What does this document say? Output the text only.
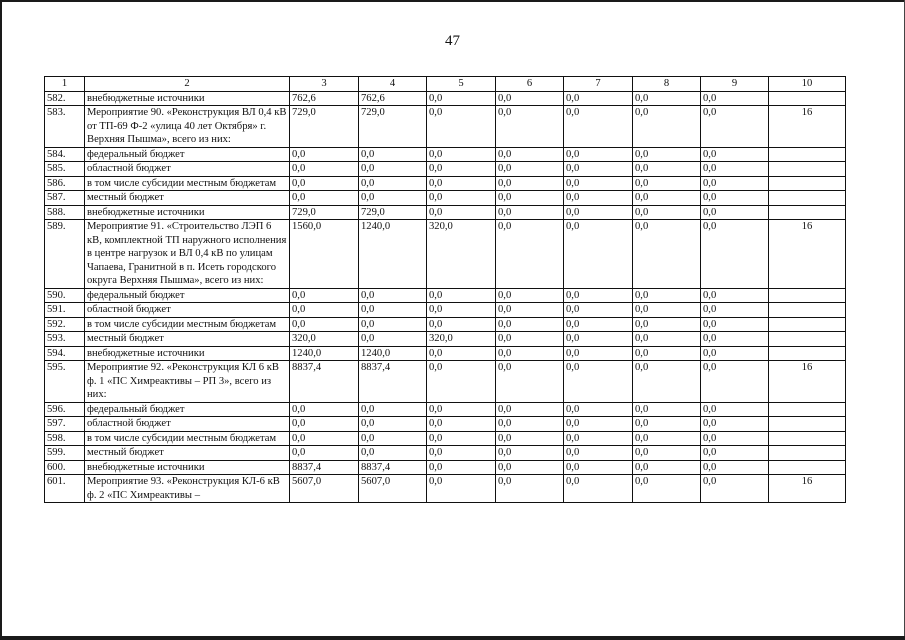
47
1	2	3	4	5	6	7	8	9	10
582.	внебюджетные источники	762,6	762,6	0,0	0,0	0,0	0,0	0,0	
583.	Мероприятие 90. «Реконструкция ВЛ 0,4 кВ от ТП-69 Ф-2 «улица 40 лет Октября» г. Верхняя Пышма», всего из них:	729,0	729,0	0,0	0,0	0,0	0,0	0,0	16
584.	федеральный бюджет	0,0	0,0	0,0	0,0	0,0	0,0	0,0	
585.	областной бюджет	0,0	0,0	0,0	0,0	0,0	0,0	0,0	
586.	в том числе субсидии местным бюджетам	0,0	0,0	0,0	0,0	0,0	0,0	0,0	
587.	местный бюджет	0,0	0,0	0,0	0,0	0,0	0,0	0,0	
588.	внебюджетные источники	729,0	729,0	0,0	0,0	0,0	0,0	0,0	
589.	Мероприятие 91. «Строительство ЛЭП 6 кВ, комплектной ТП наружного исполнения в центре нагрузок и ВЛ 0,4 кВ по улицам Чапаева, Гранитной в п. Исеть городского округа Верхняя Пышма», всего из них:	1560,0	1240,0	320,0	0,0	0,0	0,0	0,0	16
590.	федеральный бюджет	0,0	0,0	0,0	0,0	0,0	0,0	0,0	
591.	областной бюджет	0,0	0,0	0,0	0,0	0,0	0,0	0,0	
592.	в том числе субсидии местным бюджетам	0,0	0,0	0,0	0,0	0,0	0,0	0,0	
593.	местный бюджет	320,0	0,0	320,0	0,0	0,0	0,0	0,0	
594.	внебюджетные источники	1240,0	1240,0	0,0	0,0	0,0	0,0	0,0	
595.	Мероприятие 92. «Реконструкция КЛ 6 кВ ф. 1 «ПС Химреактивы – РП 3», всего из них:	8837,4	8837,4	0,0	0,0	0,0	0,0	0,0	16
596.	федеральный бюджет	0,0	0,0	0,0	0,0	0,0	0,0	0,0	
597.	областной бюджет	0,0	0,0	0,0	0,0	0,0	0,0	0,0	
598.	в том числе субсидии местным бюджетам	0,0	0,0	0,0	0,0	0,0	0,0	0,0	
599.	местный бюджет	0,0	0,0	0,0	0,0	0,0	0,0	0,0	
600.	внебюджетные источники	8837,4	8837,4	0,0	0,0	0,0	0,0	0,0	
601.	Мероприятие 93. «Реконструкция КЛ-6 кВ ф. 2 «ПС Химреактивы –	5607,0	5607,0	0,0	0,0	0,0	0,0	0,0	16
